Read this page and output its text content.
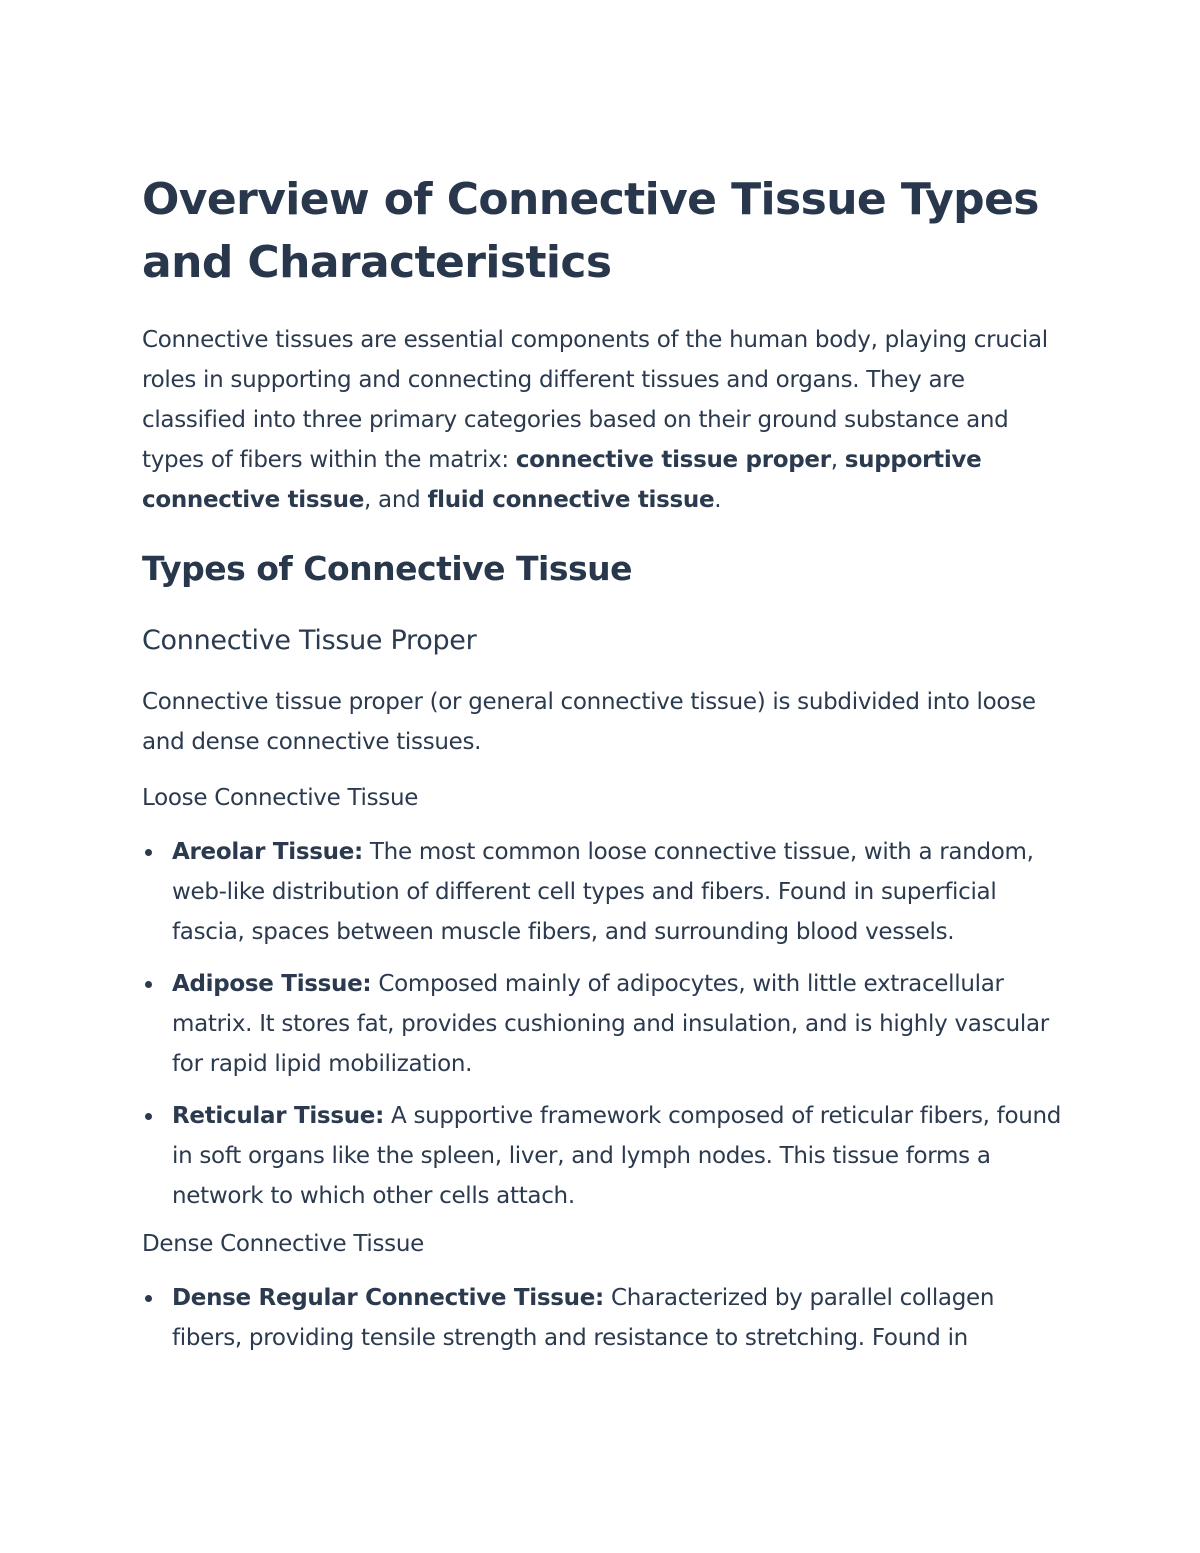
Overview of Connective Tissue Types and Characteristics

Connective tissues are essential components of the human body, playing crucial roles in supporting and connecting different tissues and organs. They are classified into three primary categories based on their ground substance and types of fibers within the matrix: connective tissue proper, supportive connective tissue, and fluid connective tissue.

Types of Connective Tissue
Connective Tissue Proper

Connective tissue proper (or general connective tissue) is subdivided into loose and dense connective tissues.

Loose Connective Tissue
Areolar Tissue: The most common loose connective tissue, with a random, web-like distribution of different cell types and fibers. Found in superficial fascia, spaces between muscle fibers, and surrounding blood vessels.
Adipose Tissue: Composed mainly of adipocytes, with little extracellular matrix. It stores fat, provides cushioning and insulation, and is highly vascular for rapid lipid mobilization.
Reticular Tissue: A supportive framework composed of reticular fibers, found in soft organs like the spleen, liver, and lymph nodes. This tissue forms a network to which other cells attach.
Dense Connective Tissue
Dense Regular Connective Tissue: Characterized by parallel collagen fibers, providing tensile strength and resistance to stretching. Found in
